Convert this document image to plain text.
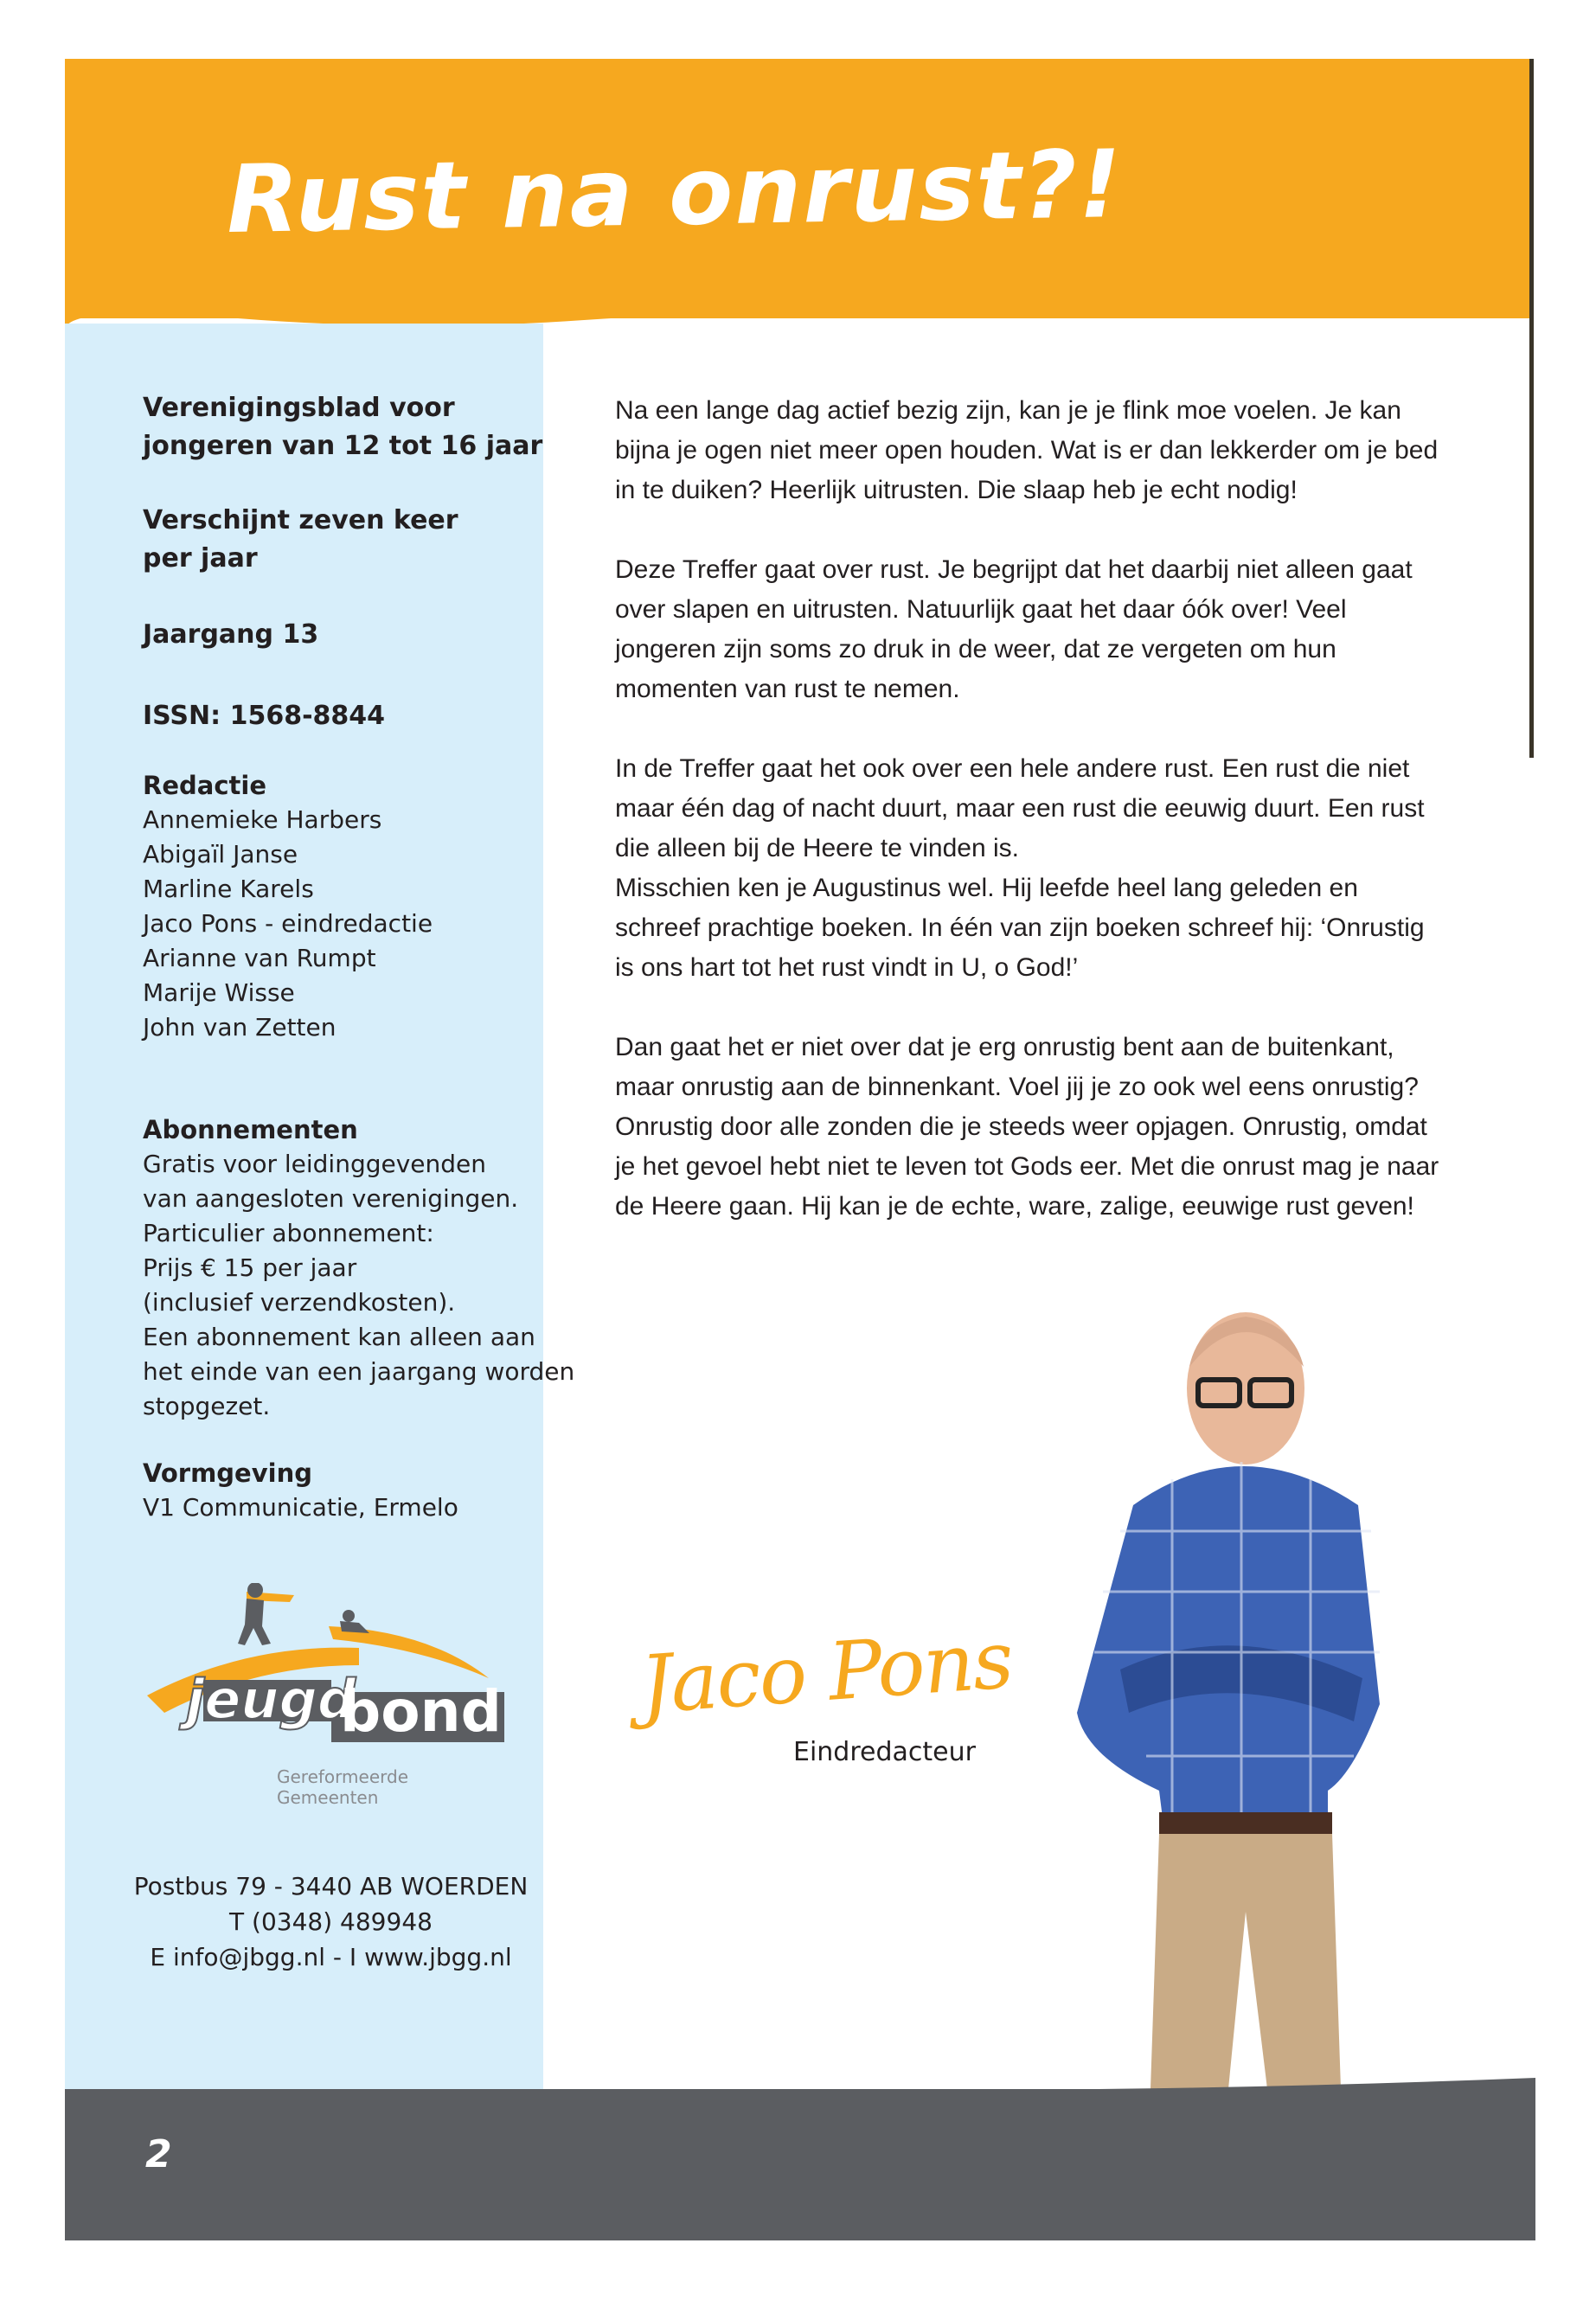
Rust na onrust?!
Verenigingsblad voor
jongeren van 12 tot 16 jaar
Verschijnt zeven keer
per jaar
Jaargang 13
ISSN: 1568-8844
Redactie
Annemieke Harbers
Abigaïl Janse
Marline Karels
Jaco Pons - eindredactie
Arianne van Rumpt
Marije Wisse
John van Zetten
Abonnementen
Gratis voor leidinggevenden
van aangesloten verenigingen.
Particulier abonnement:
Prijs € 15 per jaar
(inclusief verzendkosten).
Een abonnement kan alleen aan
het einde van een jaargang worden
stopgezet.
Vormgeving
V1 Communicatie, Ermelo
jeugd
bond
Gereformeerde Gemeenten
Postbus 79 - 3440 AB WOERDEN
T (0348) 489948
E info@jbgg.nl - I www.jbgg.nl

Na een lange dag actief bezig zijn, kan je je flink moe voelen. Je kan bijna je ogen niet meer open houden. Wat is er dan lekkerder om je bed in te duiken? Heerlijk uitrusten. Die slaap heb je echt nodig!

Deze Treffer gaat over rust. Je begrijpt dat het daarbij niet alleen gaat over slapen en uitrusten. Natuurlijk gaat het daar óók over! Veel jongeren zijn soms zo druk in de weer, dat ze vergeten om hun momenten van rust te nemen.

In de Treffer gaat het ook over een hele andere rust. Een rust die niet maar één dag of nacht duurt, maar een rust die eeuwig duurt. Een rust die alleen bij de Heere te vinden is.

Misschien ken je Augustinus wel. Hij leefde heel lang geleden en schreef prachtige boeken. In één van zijn boeken schreef hij: ‘Onrustig is ons hart tot het rust vindt in U, o God!’

Dan gaat het er niet over dat je erg onrustig bent aan de buitenkant, maar onrustig aan de binnenkant. Voel jij je zo ook wel eens onrustig? Onrustig door alle zonden die je steeds weer opjagen. Onrustig, omdat je het gevoel hebt niet te leven tot Gods eer. Met die onrust mag je naar de Heere gaan. Hij kan je de echte, ware, zalige, eeuwige rust geven!

Jaco Pons
Eindredacteur
2
